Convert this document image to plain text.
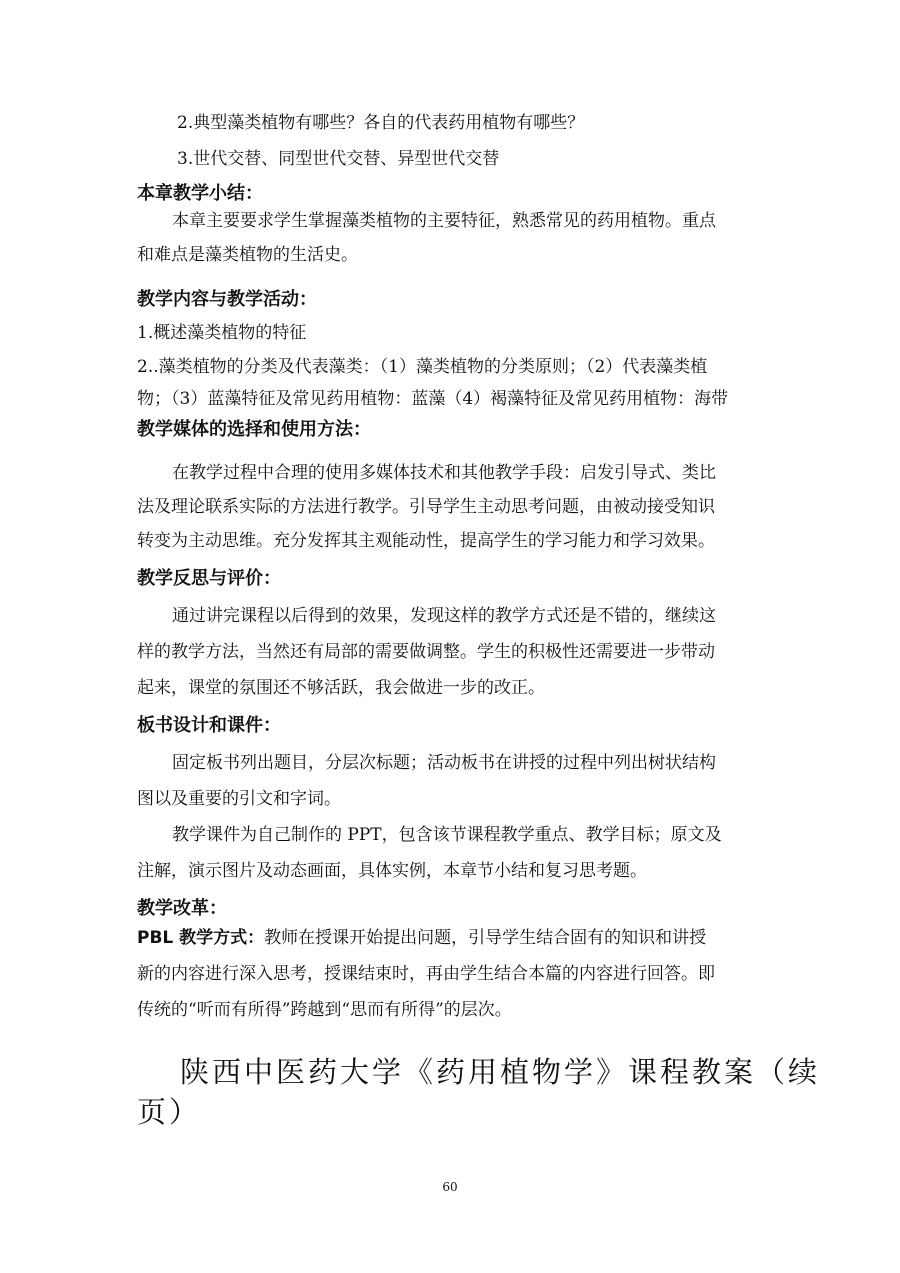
2.典型藻类植物有哪些？各自的代表药用植物有哪些？
3.世代交替、同型世代交替、异型世代交替
本章教学小结：
本章主要要求学生掌握藻类植物的主要特征，熟悉常见的药用植物。重点
和难点是藻类植物的生活史。
教学内容与教学活动：
1.概述藻类植物的特征
2..藻类植物的分类及代表藻类：（1）藻类植物的分类原则；（2）代表藻类植
物；（3）蓝藻特征及常见药用植物：蓝藻（4）褐藻特征及常见药用植物：海带
教学媒体的选择和使用方法：
在教学过程中合理的使用多媒体技术和其他教学手段：启发引导式、类比
法及理论联系实际的方法进行教学。引导学生主动思考问题，由被动接受知识
转变为主动思维。充分发挥其主观能动性，提高学生的学习能力和学习效果。
教学反思与评价：
通过讲完课程以后得到的效果，发现这样的教学方式还是不错的，继续这
样的教学方法，当然还有局部的需要做调整。学生的积极性还需要进一步带动
起来，课堂的氛围还不够活跃，我会做进一步的改正。
板书设计和课件：
固定板书列出题目，分层次标题；活动板书在讲授的过程中列出树状结构
图以及重要的引文和字词。
教学课件为自己制作的 PPT，包含该节课程教学重点、教学目标；原文及
注解，演示图片及动态画面，具体实例，本章节小结和复习思考题。
教学改革：
PBL 教学方式：教师在授课开始提出问题，引导学生结合固有的知识和讲授
新的内容进行深入思考，授课结束时，再由学生结合本篇的内容进行回答。即
传统的“听而有所得”跨越到“思而有所得”的层次。
陕西中医药大学《药用植物学》课程教案（续
页）
60
